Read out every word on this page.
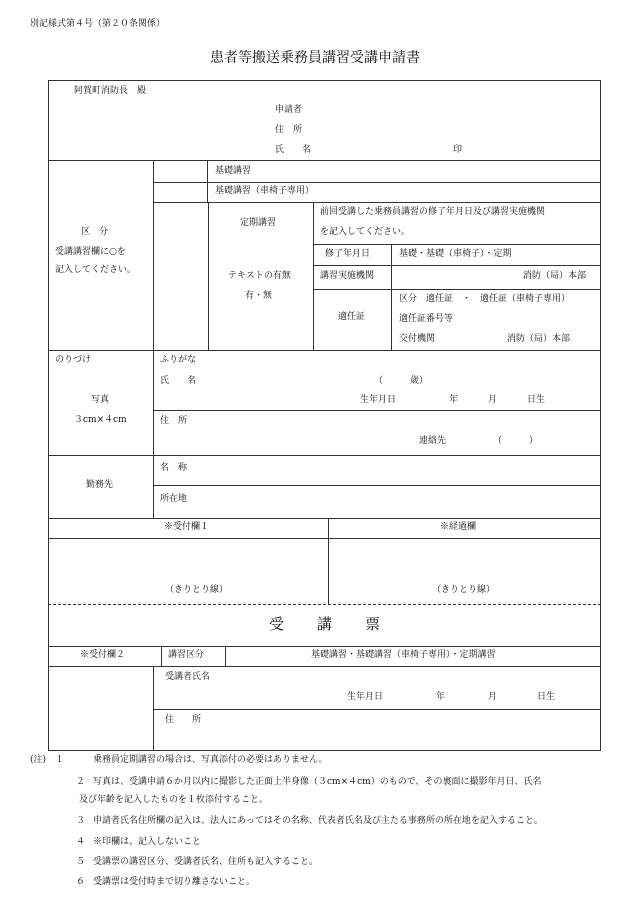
別記様式第４号（第２０条関係）
患者等搬送乗務員講習受講申請書
阿賀町消防長　殿
申請者
住　所
氏　　名	印
区　分
受講講習欄に○を
記入してください。
基礎講習
基礎講習（車椅子専用）
定期講習
前回受講した乗務員講習の修了年月日及び講習実施機関
を記入してください。
テキストの有無
有・無
修了年月日	基礎・基礎（車椅子）・定期
講習実施機関	消防（局）本部
適任証
区分　適任証　・　適任証（車椅子専用）
適任証番号等
交付機関	消防（局）本部
のりづけ
写真
３cm×４cm
ふりがな
氏　　名	（　　　歳）
生年月日	年	月	日生
住　所
連絡先	（　　　）
勤務先
名　称
所在地
※受付欄１	※経過欄
（きりとり線）	（きりとり線）
受　　講　　票
※受付欄２	講習区分	基礎講習・基礎講習（車椅子専用）・定期講習
受講者氏名
生年月日	年	月	日生
住　　所
(注)　１	乗務員定期講習の場合は、写真添付の必要はありません。
２ 写真は、受講申請６か月以内に撮影した正面上半身像（３cm×４cm）のもので、その裏面に撮影年月日、氏名
及び年齢を記入したものを１枚添付すること。
３ 申請者氏名住所欄の記入は、法人にあってはその名称、代表者氏名及び主たる事務所の所在地を記入すること。
４ ※印欄は、記入しないこと
５ 受講票の講習区分、受講者氏名、住所も記入すること。
６ 受講票は受付時まで切り離さないこと。
